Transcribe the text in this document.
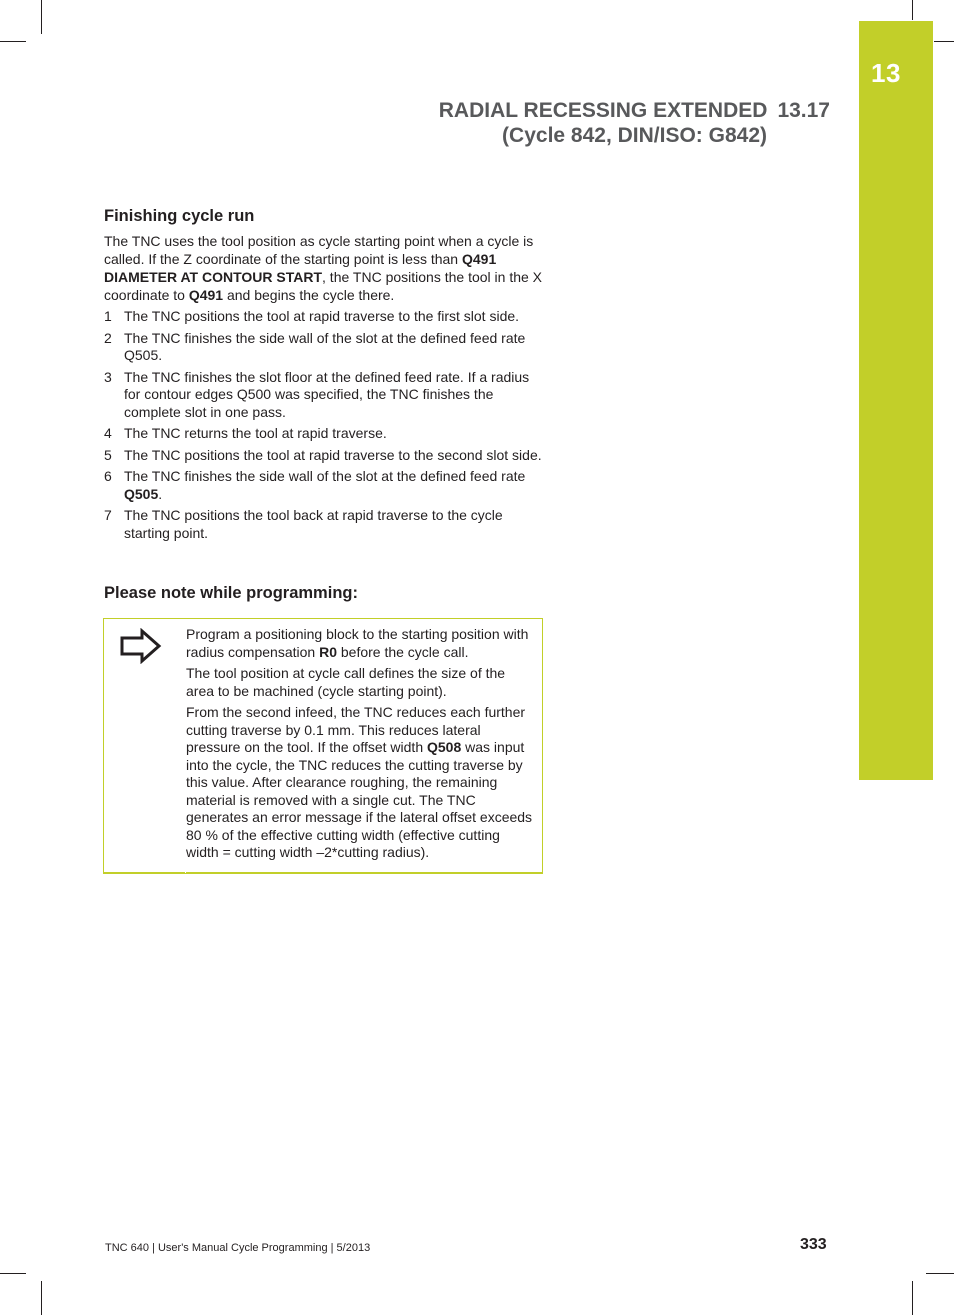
13
RADIAL RECESSING EXTENDED 13.17
(Cycle 842, DIN/ISO: G842)
Finishing cycle run

The TNC uses the tool position as cycle starting point when a cycle is called. If the Z coordinate of the starting point is less than Q491 DIAMETER AT CONTOUR START, the TNC positions the tool in the X coordinate to Q491 and begins the cycle there.

1 The TNC positions the tool at rapid traverse to the first slot side.
2 The TNC finishes the side wall of the slot at the defined feed rate Q505.
3 The TNC finishes the slot floor at the defined feed rate. If a radius for contour edges Q500 was specified, the TNC finishes the complete slot in one pass.
4 The TNC returns the tool at rapid traverse.
5 The TNC positions the tool at rapid traverse to the second slot side.
6 The TNC finishes the side wall of the slot at the defined feed rate Q505.
7 The TNC positions the tool back at rapid traverse to the cycle starting point.
Please note while programming:

Program a positioning block to the starting position with radius compensation R0 before the cycle call.

The tool position at cycle call defines the size of the area to be machined (cycle starting point).

From the second infeed, the TNC reduces each further cutting traverse by 0.1 mm. This reduces lateral pressure on the tool. If the offset width Q508 was input into the cycle, the TNC reduces the cutting traverse by this value. After clearance roughing, the remaining material is removed with a single cut. The TNC generates an error message if the lateral offset exceeds 80 % of the effective cutting width (effective cutting width = cutting width –2*cutting radius).

TNC 640 | User's Manual Cycle Programming | 5/2013	333
